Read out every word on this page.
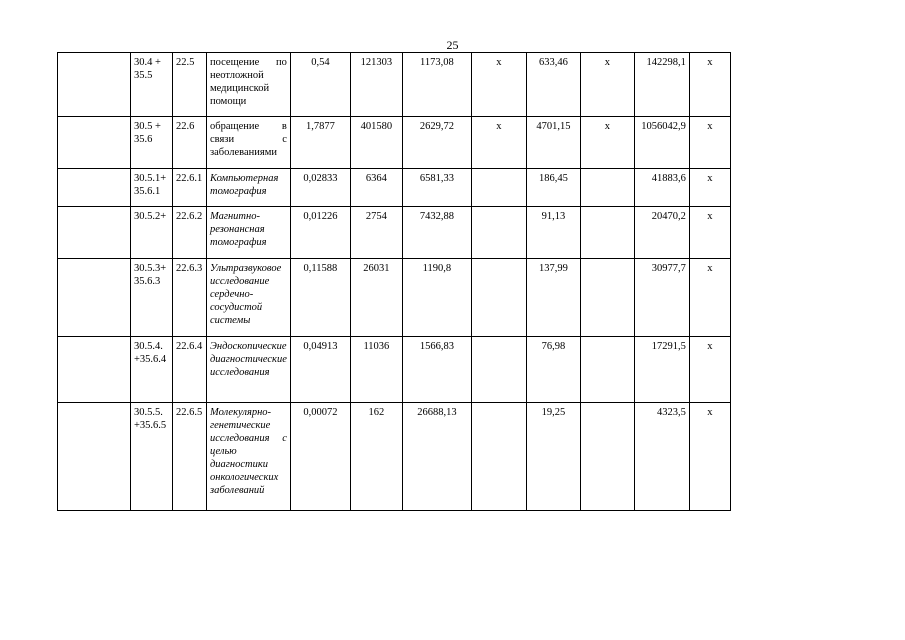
25
	30.4 + 35.5	22.5	посещение по неотложной медицинской помощи	0,54	121303	1173,08	x	633,46	x	142298,1	x
	30.5 + 35.6	22.6	обращение в связи с заболеваниями	1,7877	401580	2629,72	x	4701,15	x	1056042,9	x
	30.5.1+ 35.6.1	22.6.1	Компьютерная томография	0,02833	6364	6581,33		186,45		41883,6	x
	30.5.2+	22.6.2	Магнитно-резонансная томография	0,01226	2754	7432,88		91,13		20470,2	x
	30.5.3+ 35.6.3	22.6.3	Ультразвуковое исследование сердечно-сосудистой системы	0,11588	26031	1190,8		137,99		30977,7	x
	30.5.4. +35.6.4	22.6.4	Эндоскопические диагностические исследования	0,04913	11036	1566,83		76,98		17291,5	x
	30.5.5. +35.6.5	22.6.5	Молекулярно-генетические исследования с целью диагностики онкологических заболеваний	0,00072	162	26688,13		19,25		4323,5	x
